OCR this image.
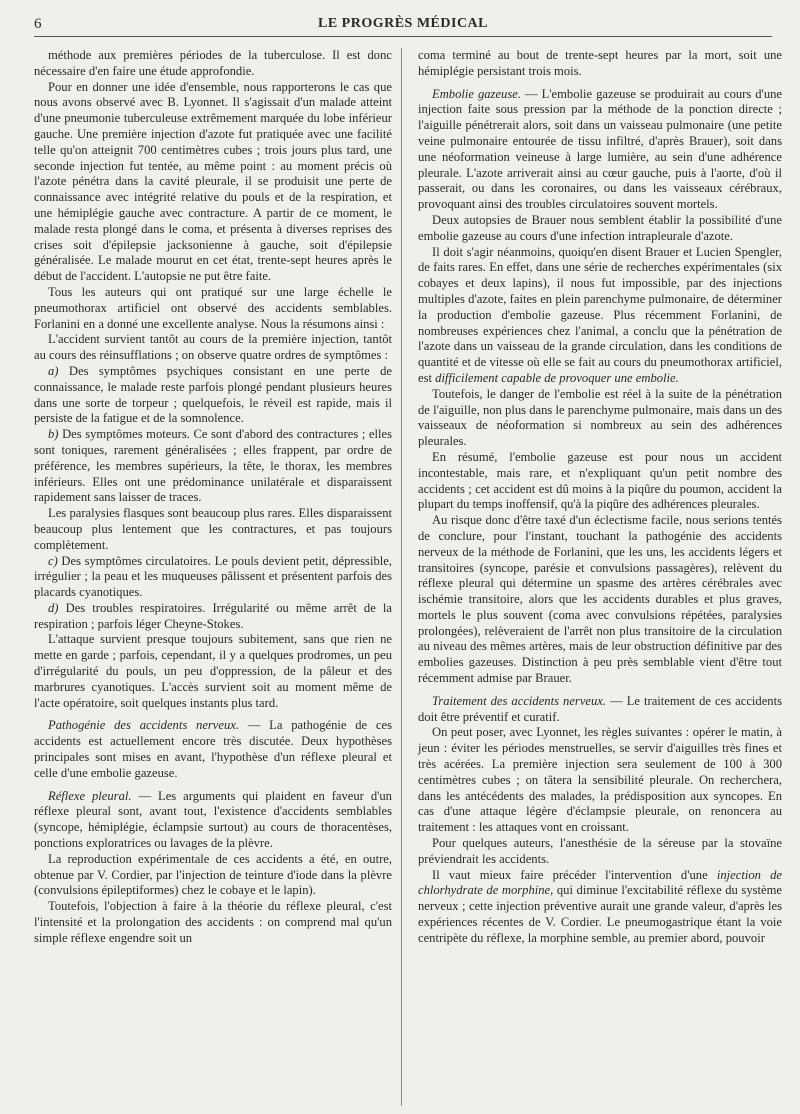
6	LE PROGRÈS MÉDICAL

méthode aux premières périodes de la tuberculose. Il est donc nécessaire d'en faire une étude approfondie.

Pour en donner une idée d'ensemble, nous rapporterons le cas que nous avons observé avec B. Lyonnet. Il s'agissait d'un malade atteint d'une pneumonie tuberculeuse extrêmement marquée du lobe inférieur gauche. Une première injection d'azote fut pratiquée avec une facilité telle qu'on atteignit 700 centimètres cubes ; trois jours plus tard, une seconde injection fut tentée, au même point : au moment précis où l'azote pénétra dans la cavité pleurale, il se produisit une perte de connaissance avec intégrité relative du pouls et de la respiration, et une hémiplégie gauche avec contracture. A partir de ce moment, le malade resta plongé dans le coma, et présenta à diverses reprises des crises soit d'épilepsie jacksonienne à gauche, soit d'épilepsie généralisée. Le malade mourut en cet état, trente-sept heures après le début de l'accident. L'autopsie ne put être faite.

Tous les auteurs qui ont pratiqué sur une large échelle le pneumothorax artificiel ont observé des accidents semblables. Forlanini en a donné une excellente analyse. Nous la résumons ainsi :

L'accident survient tantôt au cours de la première injection, tantôt au cours des réinsufflations ; on observe quatre ordres de symptômes :

a) Des symptômes psychiques consistant en une perte de connaissance, le malade reste parfois plongé pendant plusieurs heures dans une sorte de torpeur ; quelquefois, le réveil est rapide, mais il persiste de la fatigue et de la somnolence.

b) Des symptômes moteurs. Ce sont d'abord des contractures ; elles sont toniques, rarement généralisées ; elles frappent, par ordre de préférence, les membres supérieurs, la tête, le thorax, les membres inférieurs. Elles ont une prédominance unilatérale et disparaissent rapidement sans laisser de traces.

Les paralysies flasques sont beaucoup plus rares. Elles disparaissent beaucoup plus lentement que les contractures, et pas toujours complètement.

c) Des symptômes circulatoires. Le pouls devient petit, dépressible, irrégulier ; la peau et les muqueuses pâlissent et présentent parfois des placards cyanotiques.

d) Des troubles respiratoires. Irrégularité ou même arrêt de la respiration ; parfois léger Cheyne-Stokes.

L'attaque survient presque toujours subitement, sans que rien ne mette en garde ; parfois, cependant, il y a quelques prodromes, un peu d'irrégularité du pouls, un peu d'oppression, de la pâleur et des marbrures cyanotiques. L'accès survient soit au moment même de l'acte opératoire, soit quelques instants plus tard.

Pathogénie des accidents nerveux. — La pathogénie de ces accidents est actuellement encore très discutée. Deux hypothèses principales sont mises en avant, l'hypothèse d'un réflexe pleural et celle d'une embolie gazeuse.

Réflexe pleural. — Les arguments qui plaident en faveur d'un réflexe pleural sont, avant tout, l'existence d'accidents semblables (syncope, hémiplégie, éclampsie surtout) au cours de thoracentèses, ponctions exploratrices ou lavages de la plèvre.

La reproduction expérimentale de ces accidents a été, en outre, obtenue par V. Cordier, par l'injection de teinture d'iode dans la plèvre (convulsions épileptiformes) chez le cobaye et le lapin).

Toutefois, l'objection à faire à la théorie du réflexe pleural, c'est l'intensité et la prolongation des accidents : on comprend mal qu'un simple réflexe engendre soit un

coma terminé au bout de trente-sept heures par la mort, soit une hémiplégie persistant trois mois.

Embolie gazeuse. — L'embolie gazeuse se produirait au cours d'une injection faite sous pression par la méthode de la ponction directe ; l'aiguille pénétrerait alors, soit dans un vaisseau pulmonaire (une petite veine pulmonaire entourée de tissu infiltré, d'après Brauer), soit dans une néoformation veineuse à large lumière, au sein d'une adhérence pleurale. L'azote arriverait ainsi au cœur gauche, puis à l'aorte, d'où il passerait, ou dans les coronaires, ou dans les vaisseaux cérébraux, provoquant ainsi des troubles circulatoires souvent mortels.

Deux autopsies de Brauer nous semblent établir la possibilité d'une embolie gazeuse au cours d'une infection intrapleurale d'azote.

Il doit s'agir néanmoins, quoiqu'en disent Brauer et Lucien Spengler, de faits rares. En effet, dans une série de recherches expérimentales (six cobayes et deux lapins), il nous fut impossible, par des injections multiples d'azote, faites en plein parenchyme pulmonaire, de déterminer la production d'embolie gazeuse. Plus récemment Forlanini, de nombreuses expériences chez l'animal, a conclu que la pénétration de l'azote dans un vaisseau de la grande circulation, dans les conditions de quantité et de vitesse où elle se fait au cours du pneumothorax artificiel, est difficilement capable de provoquer une embolie.

Toutefois, le danger de l'embolie est réel à la suite de la pénétration de l'aiguille, non plus dans le parenchyme pulmonaire, mais dans un des vaisseaux de néoformation si nombreux au sein des adhérences pleurales.

En résumé, l'embolie gazeuse est pour nous un accident incontestable, mais rare, et n'expliquant qu'un petit nombre des accidents ; cet accident est dû moins à la piqûre du poumon, accident la plupart du temps inoffensif, qu'à la piqûre des adhérences pleurales.

Au risque donc d'être taxé d'un éclectisme facile, nous serions tentés de conclure, pour l'instant, touchant la pathogénie des accidents nerveux de la méthode de Forlanini, que les uns, les accidents légers et transitoires (syncope, parésie et convulsions passagères), relèvent du réflexe pleural qui détermine un spasme des artères cérébrales avec ischémie transitoire, alors que les accidents durables et plus graves, mortels le plus souvent (coma avec convulsions répétées, paralysies prolongées), relèveraient de l'arrêt non plus transitoire de la circulation au niveau des mêmes artères, mais de leur obstruction définitive par des embolies gazeuses. Distinction à peu près semblable vient d'être tout récemment admise par Brauer.

Traitement des accidents nerveux. — Le traitement de ces accidents doit être préventif et curatif.

On peut poser, avec Lyonnet, les règles suivantes : opérer le matin, à jeun : éviter les périodes menstruelles, se servir d'aiguilles très fines et très acérées. La première injection sera seulement de 100 à 300 centimètres cubes ; on tâtera la sensibilité pleurale. On recherchera, dans les antécédents des malades, la prédisposition aux syncopes. En cas d'une attaque légère d'éclampsie pleurale, on renoncera au traitement : les attaques vont en croissant.

Pour quelques auteurs, l'anesthésie de la séreuse par la stovaïne préviendrait les accidents.

Il vaut mieux faire précéder l'intervention d'une injection de chlorhydrate de morphine, qui diminue l'excitabilité réflexe du système nerveux ; cette injection préventive aurait une grande valeur, d'après les expériences récentes de V. Cordier. Le pneumogastrique étant la voie centripète du réflexe, la morphine semble, au premier abord, pouvoir
